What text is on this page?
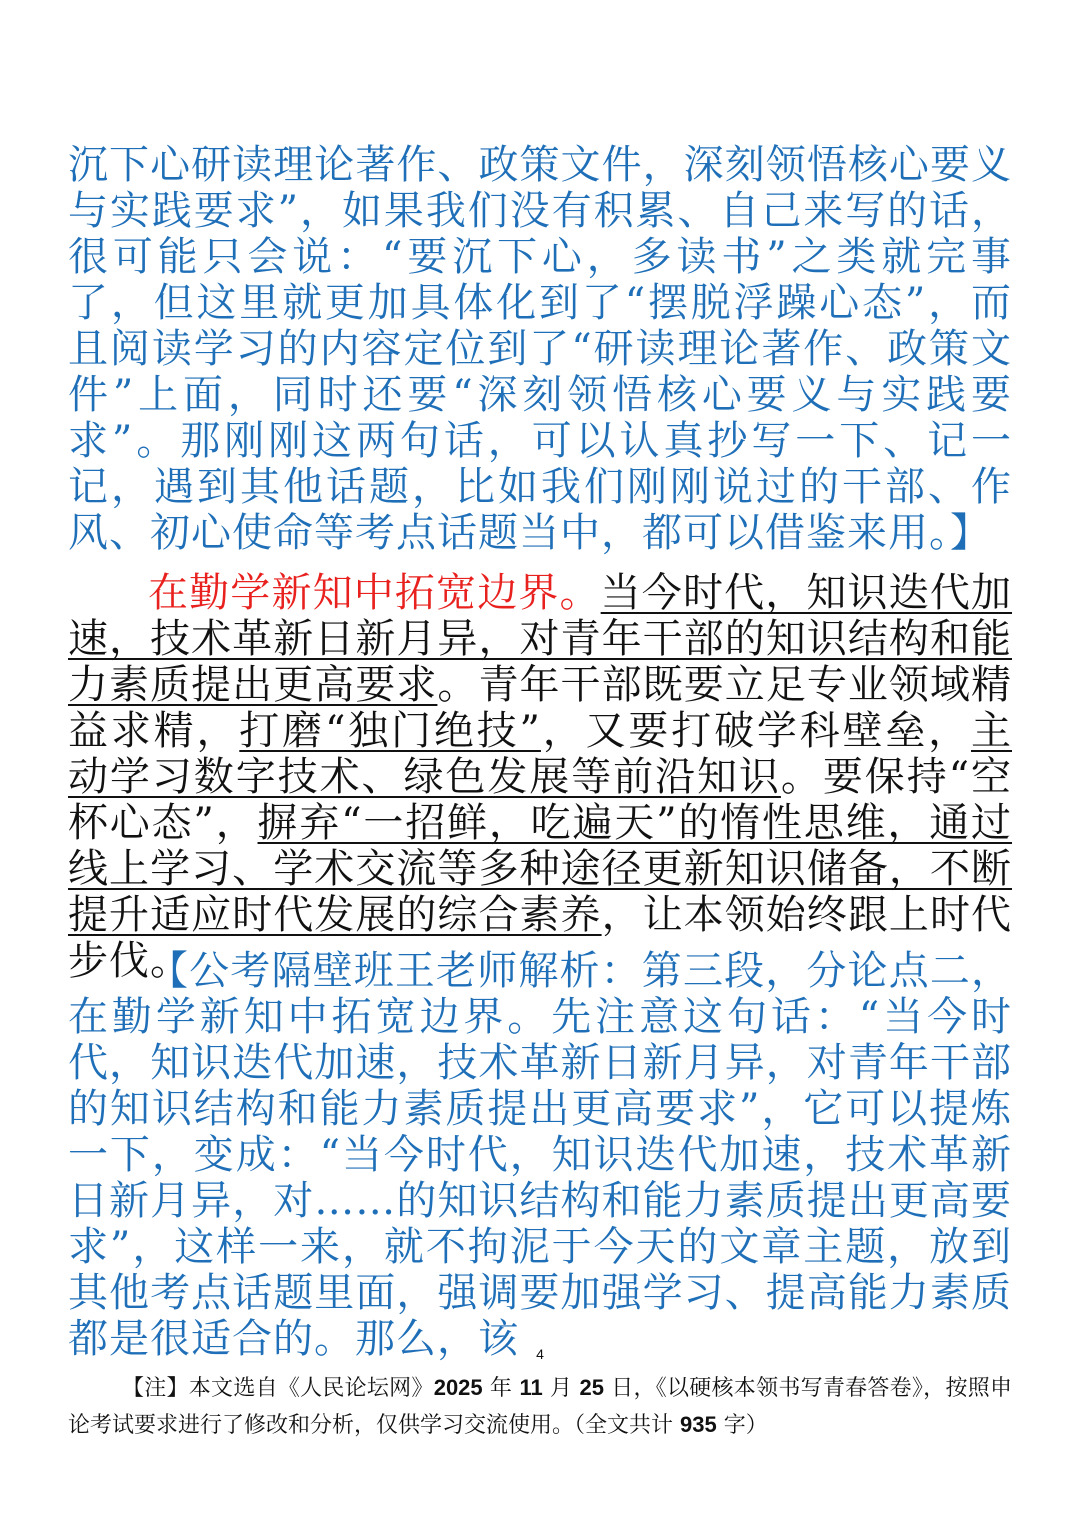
沉下心研读理论著作、政策文件，深刻领悟核心要义与实践要求”，如果我们没有积累、自己来写的话，很可能只会说：“要沉下心，多读书”之类就完事了，但这里就更加具体化到了“摆脱浮躁心态”，而且阅读学习的内容定位到了“研读理论著作、政策文件”上面，同时还要“深刻领悟核心要义与实践要求”。那刚刚这两句话，可以认真抄写一下、记一记，遇到其他话题，比如我们刚刚说过的干部、作风、初心使命等考点话题当中，都可以借鉴来用。】
在勤学新知中拓宽边界。当今时代，知识迭代加速，技术革新日新月异，对青年干部的知识结构和能力素质提出更高要求。青年干部既要立足专业领域精益求精，打磨“独门绝技”，又要打破学科壁垒，主动学习数字技术、绿色发展等前沿知识。要保持“空杯心态”，摒弃“一招鲜，吃遍天”的惰性思维，通过线上学习、学术交流等多种途径更新知识储备，不断提升适应时代发展的综合素养，让本领始终跟上时代步伐。
【公考隔壁班王老师解析：第三段，分论点二，在勤学新知中拓宽边界。先注意这句话：“当今时代，知识迭代加速，技术革新日新月异，对青年干部的知识结构和能力素质提出更高要求”，它可以提炼一下，变成：“当今时代，知识迭代加速，技术革新日新月异，对……的知识结构和能力素质提出更高要求”，这样一来，就不拘泥于今天的文章主题，放到其他考点话题里面，强调要加强学习、提高能力素质都是很适合的。那么，该	4
【注】本文选自《人民论坛网》2025 年 11 月 25 日，《以硬核本领书写青春答卷》，按照申论考试要求进行了修改和分析，仅供学习交流使用。（全文共计 935 字）
